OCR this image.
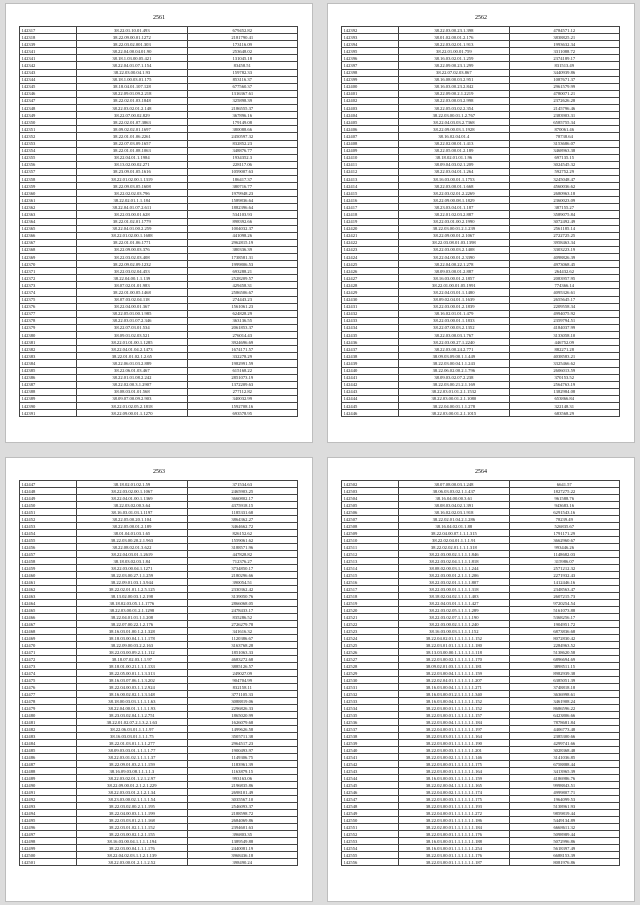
2561
142317	38.22.01.10.01.493	679452.82
142318	38.22.09.00.01.1272	2181790.41
142339	38.22.03.02.001.303	173116.09
142341	38.22.04.00.04.01.90	253648.02
142341	38.18.1.03.00.05.421	131045.18
142342	38.22.04.01.07.1.154	83458.51
142343	38.22.03.00.04.1.93	159782.33
142344	38.18.1.00.03.01.175	853116.37
142345	38.18.04.01.107.128	677560.37
142346	38.22.09.01.09.2.218	1316367.61
142347	38.22.02.01.03.1848	325898.39
142348	38.22.03.02.01.2.148	2186555.37
142349	38.22.07.00.02.829	367896.16
142350	38.22.02.01.07.3863	179149.08
142351	38.09.02.02.01.1697	380088.66
142352	38.22.01.01.06.2261	2450597.32
142353	38.22.07.03.09.1657	832852.23
142354	38.22.01.01.08.1063	348876.77
142355	38.22.04.01.1.1984	1934352.3
142356	38.13.02.00.02.271	228117.06
142357	38.23.09.01.05.1616	1059007.63
142358	38.22.01.02.00.1.1319	186417.37
142359	38.22.09.03.05.1608	380716.77
142360	38.22.02.02.03.796	1979948.23
142361	38.22.02.01.1.1.184	1589836.64
142362	38.22.04.01.07.2.611	1882396.64
142363	38.22.03.00.01.628	534103.93
142364	38.22.01.02.01.1779	898392.66
142365	38.22.04.01.00.2.259	1004032.37
142366	38.22.01.02.00.1.1688	441098.26
142367	38.22.01.01.06.1771	2962815.19
142368	38.22.09.00.03.376	380336.39
142369	38.22.03.02.03.408	1738581.31
142370	38.22.09.02.09.1232	1999806.53
142371	38.22.03.02.04.453	693288.21
142372	38.22.04.00.1.1.139	2528209.57
142373	38.07.02.01.01.983	429458.31
142374	38.22.01.00.05.1468	2586506.67
142375	38.07.03.02.04.118	274443.23
142376	38.22.04.00.01.367	1561061.23
142377	38.22.05.01.00.1.985	624828.29
142378	38.22.03.01.07.2.346	363136.55
142379	38.22.07.03.01.534	2061853.37
142380	38.09.01.02.03.521	276014.43
142381	38.22.01.01.00.1.1285	3924696.69
142382	38.22.04.01.04.2.1473	1674171.57
142383	38.22.01.01.02.1.2.65	332278.29
142384	38.22.06.01.03.2.889	1982991.59
142385	38.22.06.01.03.467	615168.22
142386	38.22.01.01.08.2.242	2851073.19
142387	38.22.02.00.3.1.2907	1372209.63
142388	38.08.03.01.01.568	277112.82
142389	38.09.07.00.09.2.903	340032.99
142390	38.22.01.02.05.2.1818	1592708.16
142391	38.22.09.00.01.1.1270	693578.95
2562
142392	38.22.03.00.23.1.398	4784571.12
142393	38.01.02.00.01.2.176	3838825.21
142394	38.22.03.02.01.1.913	1993632.34
142395	38.22.01.00.01.759	3311088.72
142396	38.16.03.02.01.1.259	2374189.17
142397	38.22.09.00.23.1.299	831513.49
142398	38.22.07.02.03.867	3440939.86
142399	38.16.08.00.03.2.951	1087671.37
142400	38.16.03.00.23.2.842	2961579.99
142401	38.22.09.00.2.1.2219	4780071.21
142402	38.22.03.00.03.2.998	2372626.28
142403	38.22.05.03.02.2.354	2145796.46
142404	38.22.03.00.01.1.2.767	2383903.31
142405	38.22.04.03.03.2.7368	6585755.34
142406	38.22.09.00.03.1.1928	870061.46
142407	38.16.02.04.01.4	78738.64
142408	38.22.02.00.01.1.413	3153686.07
142409	38.22.05.00.01.2.189	3468963.38
142410	38.18.02.01.01.1.96	697135.15
142411	38.09.04.03.02.1.209	3024545.32
142412	38.22.03.04.01.1.264	592752.29
142413	38.16.03.00.01.1.1753	3245048.47
142414	38.22.03.00.01.1.668	4560036.62
142415	38.22.03.02.01.2.2269	2680963.18
142416	38.22.09.00.08.1.1829	2360023.09
142417	38.23.03.04.01.1.187	387155.27
142418	38.22.01.02.03.2.887	3589075.84
142419	38.22.03.01.00.2.1990	3072492.49
142420	38.22.03.00.01.2.1.239	2561185.14
142421	38.22.09.00.01.2.1067	2722725.25
142422	38.22.03.08.01.03.1398	3958463.34
142423	38.22.03.00.03.2.1408	3303223.19
142424	38.22.04.00.01.2.3390	4098826.39
142425	38.22.04.00.22.1.278	4973068.45
142426	38.09.03.00.01.2.887	264432.62
142427	38.16.03.00.01.2.1857	2083957.95
142428	38.22.01.00.01.05.1991	774366.14
142429	38.22.04.03.01.1.1480	4095326.61
142430	38.09.02.04.01.1.1639	2655645.17
142431	38.22.03.00.01.2.1839	2209558.34
142432	38.16.02.01.01.1.479	4994075.92
142433	38.22.03.00.01.1.1833	2359794.51
142434	38.22.07.00.03.2.1352	4184037.99
142435	38.22.03.00.03.1.767	3133058.10
142436	38.22.03.00.27.1.2240	446752.09
142437	38.22.03.00.24.2.771	882271.28
142438	38.09.03.09.00.1.1.449	4038583.21
142439	38.22.03.00.04.1.1.243	3325466.62
142440	38.22.06.02.00.2.1.796	2606013.59
142441	38.09.03.02.07.2.238	370153.52
142442	38.22.03.00.21.2.1.169	2564763.19
142443	38.22.03.01.01.2.1.1532	1382984.08
142444	38.22.03.00.01.2.1.1080	653866.84
142445	38.22.04.00.01.1.1.278	322148.31
142446	38.22.03.00.01.2.1.1015	683568.29
2563
142447	38.18.02.01.02.1.59	371534.63
142448	38.22.03.02.00.1.1067	2465903.25
142449	38.22.04.01.00.1.1369	3660802.17
142450	38.22.03.02.00.3.64	4375918.15
142451	38.16.03.01.03.1.1197	1185331.68
142452	38.22.05.00.20.1.104	3864362.27
142453	38.22.05.00.01.2.189	3464662.72
142454	38.01.04.01.03.1.65	826152.62
142455	38.22.03.00.20.2.1.963	1559061.62
142456	38.22.08.02.01.3.622	3188571.96
142457	38.22.04.03.01.1.2619	447828.82
142458	38.18.03.02.03.1.84	712376.27
142459	38.22.03.00.04.1.1271	3734850.17
142460	38.22.03.00.27.1.1.259	2180296.66
142461	38.22.09.01.03.1.3.944	390054.51
142462	38.22.02.01.01.1.2.5.125	2330362.42
142463	38.13.02.00.03.1.2.198	3139050.76
142464	38.18.02.03.05.1.1.1776	2866068.05
142465	38.22.03.00.01.2.1.1298	2478433.17
142466	38.22.04.01.01.1.1.208	835286.52
142467	38.22.07.00.22.1.2.176	2726279.78
142468	38.16.03.01.00.1.2.1.328	341616.32
142469	38.18.03.00.04.1.1.1.178	1120386.67
142470	38.22.09.00.03.2.2.163	3163768.28
142471	38.22.03.00.09.2.1.1.112	1851063.33
142472	38.18.07.02.03.1.1.97	4683272.68
142473	38.18.01.00.21.1.1.1.133	3885126.57
142474	38.22.05.00.01.1.1.3.313	249027.09
142475	38.16.03.07.06.1.1.3.202	904704.99
142476	38.22.04.00.03.1.1.2.924	832158.11
142477	38.16.00.02.02.1.1.3.148	3771105.33
142478	38.18.00.03.03.1.1.1.1.63	3088819.06
142479	38.22.04.00.01.1.1.1.1.93	2296826.33
142480	38.23.03.02.04.1.1.2.751	1865020.99
142481	38.22.01.02.07.2.1.3.2.1.63	1626079.68
142482	38.22.06.03.01.1.1.1.97	1499626.58
142483	38.16.03.03.01.1.1.1.75	3505711.38
142484	38.22.01.03.01.1.1.1.277	2964517.23
142485	38.09.03.03.01.1.1.1.1.77	1900493.97
142486	38.22.03.01.02.1.1.1.1.37	1149306.75
142487	38.22.09.01.03.2.1.1.159	1183961.39
142488	38.16.09.03.08.1.1.1.1.3	1163879.15
142489	38.22.03.02.01.1.2.1.2.97	993163.06
142490	38.22.09.00.01.2.1.2.1.229	2196835.86
142491	38.22.03.03.01.2.1.2.1.34	2698101.49
142492	38.23.03.00.02.1.1.1.1.54	3035567.10
142493	38.22.03.02.00.2.1.1.195	2546093.37
142494	38.22.04.00.03.1.1.1.199	2188598.72
142495	38.22.03.03.01.2.1.1.168	2684069.86
142496	38.22.03.01.02.1.1.1.152	2394601.63
142497	38.22.03.00.02.1.2.1.155	396803.35
142498	38.16.03.00.04.1.1.1.1.194	1389549.88
142499	38.22.03.00.04.1.1.1.176	2440081.19
142500	38.22.04.02.03.1.1.2.1.139	3968436.18
142501	38.22.03.00.01.2.1.1.2.52	398490.24
2564
142502	38.07.08.00.03.1.248	6641.57
142503	38.06.03.03.02.1.1.437	1827275.22
142504	38.16.04.00.00.3.61	961588.76
142505	38.08.03.04.02.1.391	943683.16
142506	38.16.02.02.03.1.918	6291543.16
142507	38.22.02.01.04.2.1.286	78239.49
142508	38.16.04.02.01.1.88	526835.67
142509	38.22.04.00.07.1.1.1.315	1791171.29
142510	38.22.02.04.01.1.1.1.91	3662960.67
142511	38.22.02.02.01.1.1.1.318	993446.26
142512	38.22.03.00.02.1.1.1.1.846	1148682.03
142513	38.22.03.02.04.1.1.1.1.818	315986.07
142514	38.08.02.00.03.1.1.1.1.244	2571212.32
142515	38.22.03.00.01.2.1.1.1.206	2271932.43
142516	38.22.03.02.01.1.1.1.1.807	1412446.16
142517	38.22.03.00.01.1.1.1.1.318	2348563.47
142518	38.18.02.04.02.1.1.1.1.403	2607215.73
142519	38.22.04.03.01.1.1.1.1.427	9720254.54
142520	38.22.03.02.05.1.1.1.1.289	5161073.88
142521	38.22.03.02.07.1.1.1.1.190	5368256.17
142522	38.22.03.00.02.1.1.1.1.240	1904951.72
142523	38.16.03.00.03.1.1.1.1.152	6873836.68
142524	38.22.04.02.01.1.1.1.1.1.1.152	8072830.42
142525	38.22.03.01.01.1.1.1.1.1.1.180	2284963.52
142526	38.13.03.00.00.1.1.1.1.1.1.118	5138620.58
142527	38.22.03.00.02.1.1.1.1.1.1.170	6896694.69
142528	38.09.02.01.03.1.1.1.1.1.1.181	3898511.15
142529	38.22.03.00.04.1.1.1.1.1.1.159	8982939.38
142530	38.22.02.04.01.1.1.1.1.1.1.207	6385051.39
142531	38.16.03.00.04.1.1.1.1.1.1.271	3748818.18
142532	38.16.03.00.01.2.1.1.1.1.1.340	3636998.61
142533	38.16.03.00.04.1.1.1.1.1.1.152	3461908.24
142534	38.22.03.00.01.1.1.1.1.1.1.152	8686596.22
142535	38.22.03.00.01.1.1.1.1.1.1.157	6423806.66
142536	38.22.03.00.04.1.1.1.1.1.1.184	7878681.84
142537	38.22.04.00.01.1.1.1.1.1.1.197	4406773.48
142538	38.22.03.03.01.1.1.1.1.1.1.164	2385300.66
142539	38.22.03.00.01.1.1.1.1.1.1.190	4299741.66
142540	38.22.03.00.03.1.1.1.1.1.1.201	3028368.48
142541	38.22.03.00.02.1.1.1.1.1.1.146	3141036.85
142542	38.22.03.00.01.1.1.1.1.1.1.175	6758888.44
142543	38.22.03.00.01.1.1.1.1.1.1.164	3413965.39
142544	38.16.03.00.03.1.1.1.1.1.1.159	4186986.76
142545	38.22.02.00.04.1.1.1.1.1.1.165	9998843.51
142546	38.22.04.00.02.1.1.1.1.1.1.174	4999807.71
142547	38.22.03.00.03.1.1.1.1.1.1.175	1964099.53
142548	38.22.03.00.01.1.1.1.1.1.1.193	5138961.93
142549	38.22.04.00.01.1.1.1.1.1.1.272	9859819.44
142550	38.22.03.00.01.1.1.1.1.1.1.186	5449134.89
142551	38.22.02.00.01.1.1.1.1.1.1.184	6668611.32
142552	38.22.03.00.01.1.1.1.1.1.1.176	5098989.44
142553	38.16.03.00.01.1.1.1.1.1.1.188	5072996.86
142554	38.16.03.00.01.1.1.1.1.1.1.254	5618397.49
142555	38.22.03.00.01.1.1.1.1.1.1.176	6688153.39
142556	38.22.03.00.01.1.1.1.1.1.1.187	8081976.86
